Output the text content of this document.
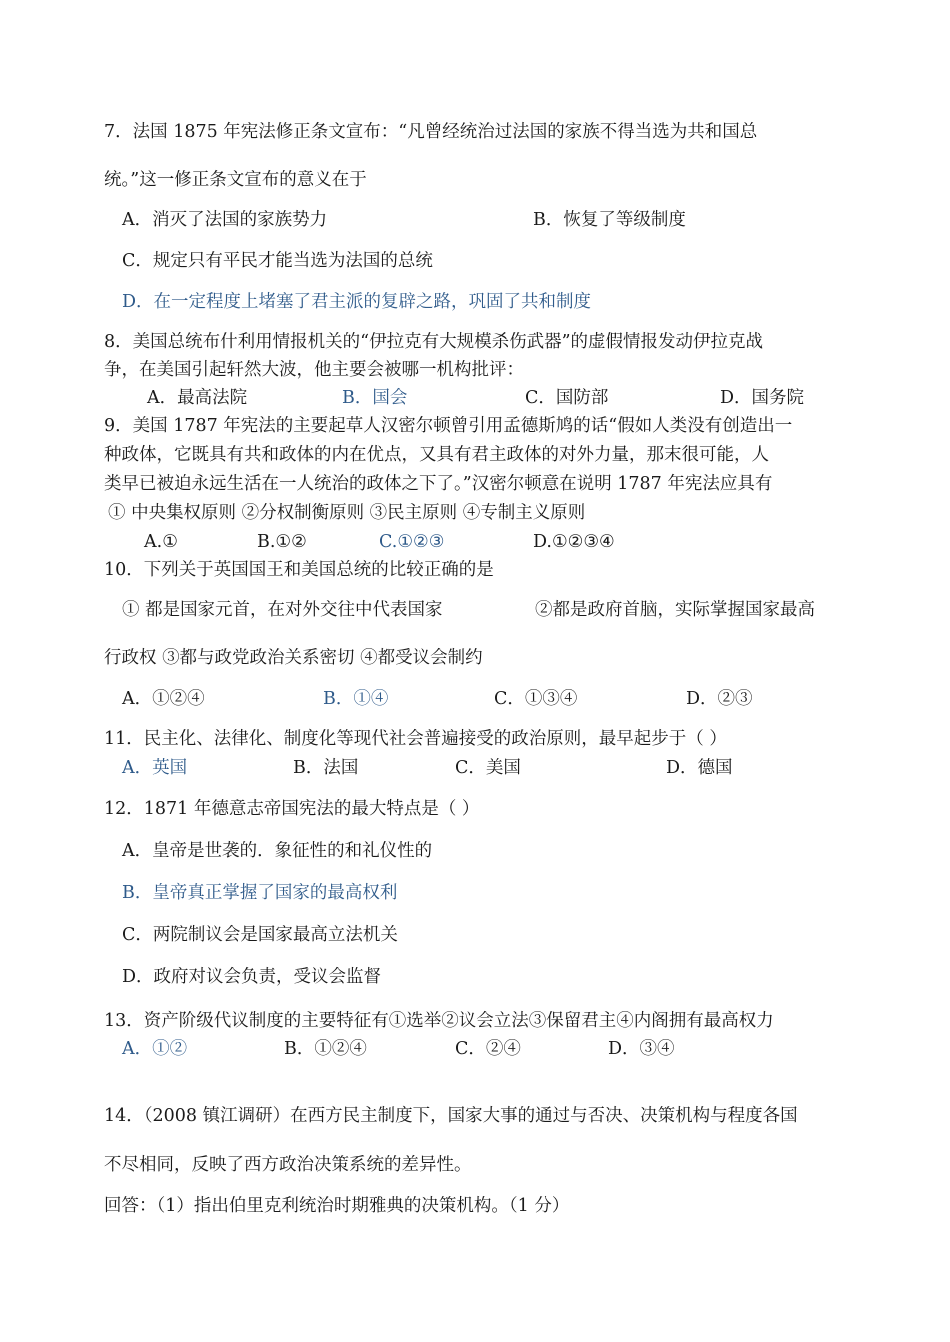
7．法国 1875 年宪法修正条文宣布：“凡曾经统治过法国的家族不得当选为共和国总
统。”这一修正条文宣布的意义在于
A．消灭了法国的家族势力	B．恢复了等级制度
C．规定只有平民才能当选为法国的总统
D．在一定程度上堵塞了君主派的复辟之路，巩固了共和制度
8．美国总统布什利用情报机关的“伊拉克有大规模杀伤武器”的虚假情报发动伊拉克战
争，在美国引起轩然大波，他主要会被哪一机构批评：
A．最高法院	B．国会	C．国防部	D．国务院
9．美国 1787 年宪法的主要起草人汉密尔顿曾引用孟德斯鸠的话“假如人类没有创造出一
种政体，它既具有共和政体的内在优点，又具有君主政体的对外力量，那末很可能，人
类早已被迫永远生活在一人统治的政体之下了。”汉密尔顿意在说明 1787 年宪法应具有
① 中央集权原则 ②分权制衡原则 ③民主原则 ④专制主义原则
A.①	B.①②	C.①②③	D.①②③④
10．下列关于英国国王和美国总统的比较正确的是
① 都是国家元首，在对外交往中代表国家	②都是政府首脑，实际掌握国家最高
行政权 ③都与政党政治关系密切 ④都受议会制约
A．①②④	B．①④	C．①③④	D．②③
11．民主化、法律化、制度化等现代社会普遍接受的政治原则，最早起步于（ ）
A．英国	B．法国	C．美国	D．德国
12．1871 年德意志帝国宪法的最大特点是（ ）
A．皇帝是世袭的．象征性的和礼仪性的
B．皇帝真正掌握了国家的最高权利
C．两院制议会是国家最高立法机关
D．政府对议会负责，受议会监督
13．资产阶级代议制度的主要特征有①选举②议会立法③保留君主④内阁拥有最高权力
A．①②	B．①②④	C．②④	D．③④
14．（2008 镇江调研）在西方民主制度下，国家大事的通过与否决、决策机构与程度各国
不尽相同，反映了西方政治决策系统的差异性。
回答：（1）指出伯里克利统治时期雅典的决策机构。（1 分）
